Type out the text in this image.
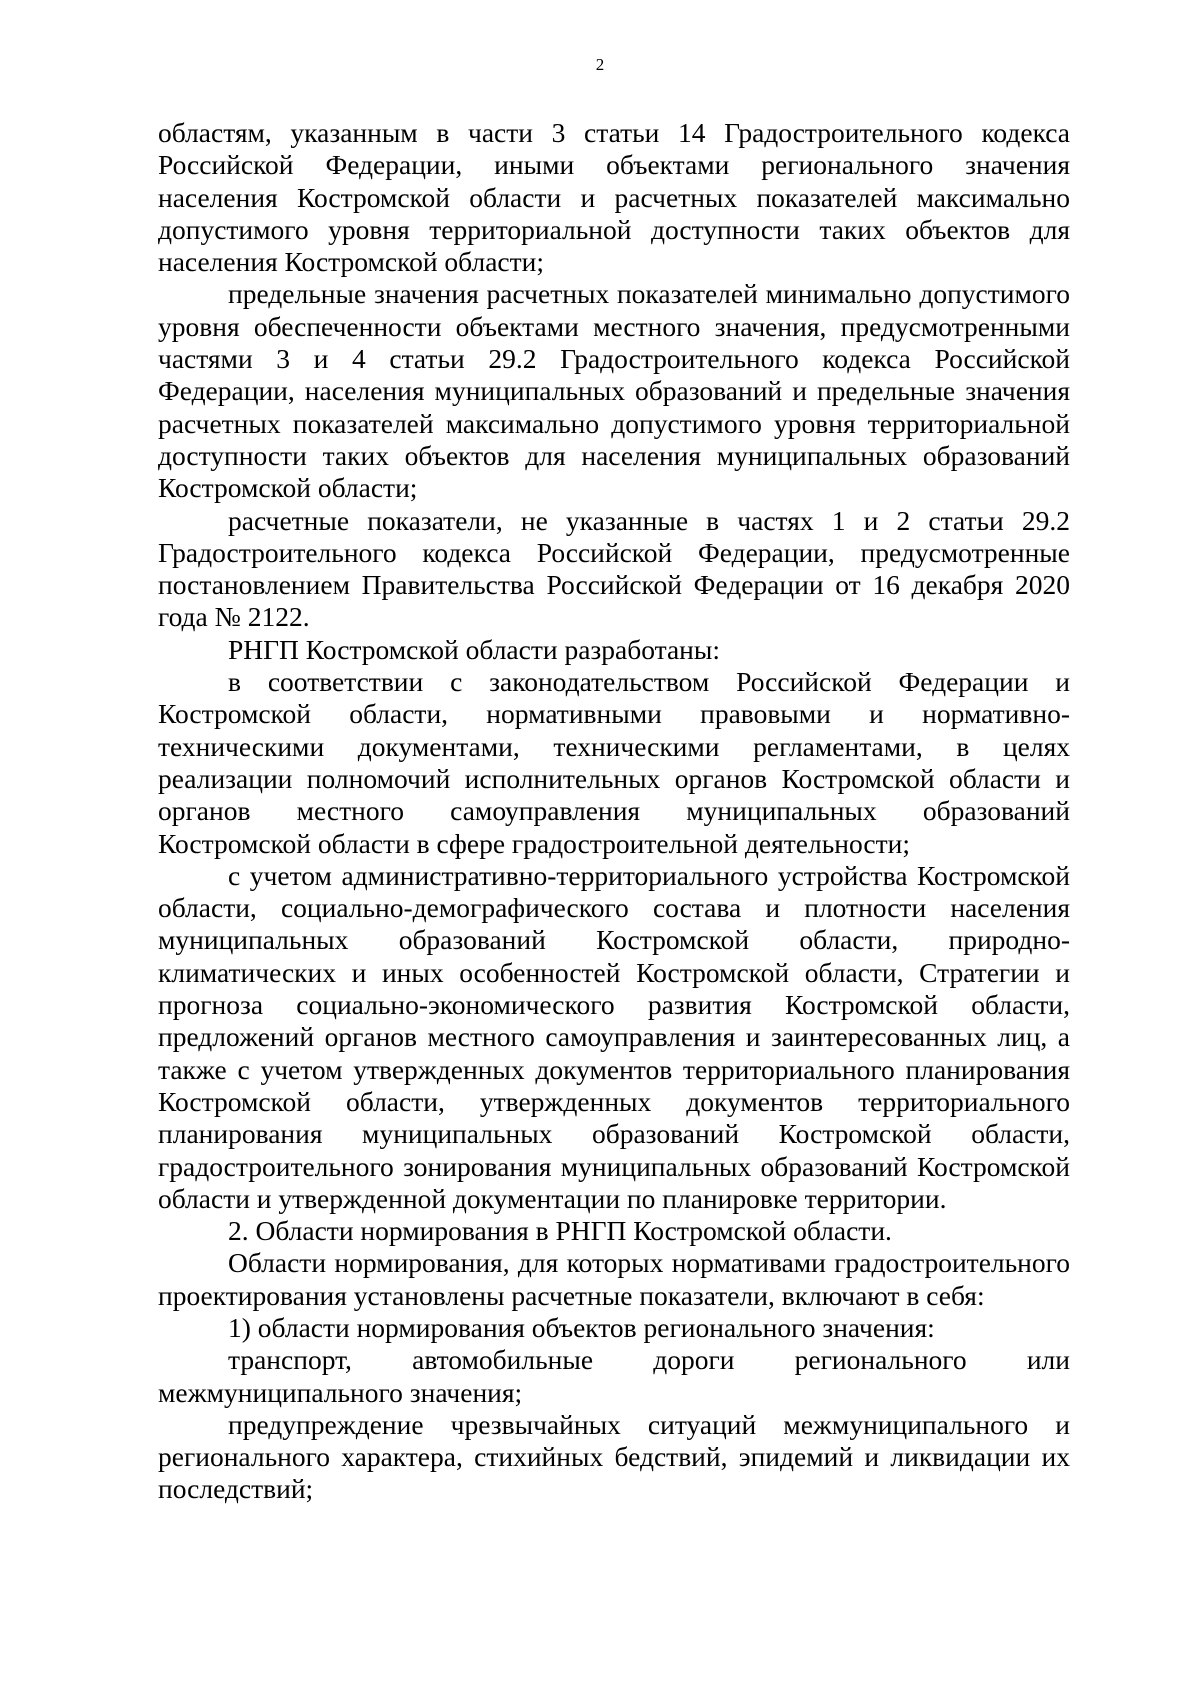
2

областям, указанным в части 3 статьи 14 Градостроительного кодекса Российской Федерации, иными объектами регионального значения населения Костромской области и расчетных показателей максимально допустимого уровня территориальной доступности таких объектов для населения Костромской области;

предельные значения расчетных показателей минимально допустимого уровня обеспеченности объектами местного значения, предусмотренными частями 3 и 4 статьи 29.2 Градостроительного кодекса Российской Федерации, населения муниципальных образований и предельные значения расчетных показателей максимально допустимого уровня территориальной доступности таких объектов для населения муниципальных образований Костромской области;

расчетные показатели, не указанные в частях 1 и 2 статьи 29.2 Градостроительного кодекса Российской Федерации, предусмотренные постановлением Правительства Российской Федерации от 16 декабря 2020 года № 2122.

РНГП Костромской области разработаны:

в соответствии с законодательством Российской Федерации и Костромской области, нормативными правовыми и нормативно-техническими документами, техническими регламентами, в целях реализации полномочий исполнительных органов Костромской области и органов местного самоуправления муниципальных образований Костромской области в сфере градостроительной деятельности;

с учетом административно-территориального устройства Костромской области, социально-демографического состава и плотности населения муниципальных образований Костромской области, природно-климатических и иных особенностей Костромской области, Стратегии и прогноза социально-экономического развития Костромской области, предложений органов местного самоуправления и заинтересованных лиц, а также с учетом утвержденных документов территориального планирования Костромской области, утвержденных документов территориального планирования муниципальных образований Костромской области, градостроительного зонирования муниципальных образований Костромской области и утвержденной документации по планировке территории.

2. Области нормирования в РНГП Костромской области.

Области нормирования, для которых нормативами градостроительного проектирования установлены расчетные показатели, включают в себя:

1) области нормирования объектов регионального значения:

транспорт, автомобильные дороги регионального или межмуниципального значения;

предупреждение чрезвычайных ситуаций межмуниципального и регионального характера, стихийных бедствий, эпидемий и ликвидации их последствий;
